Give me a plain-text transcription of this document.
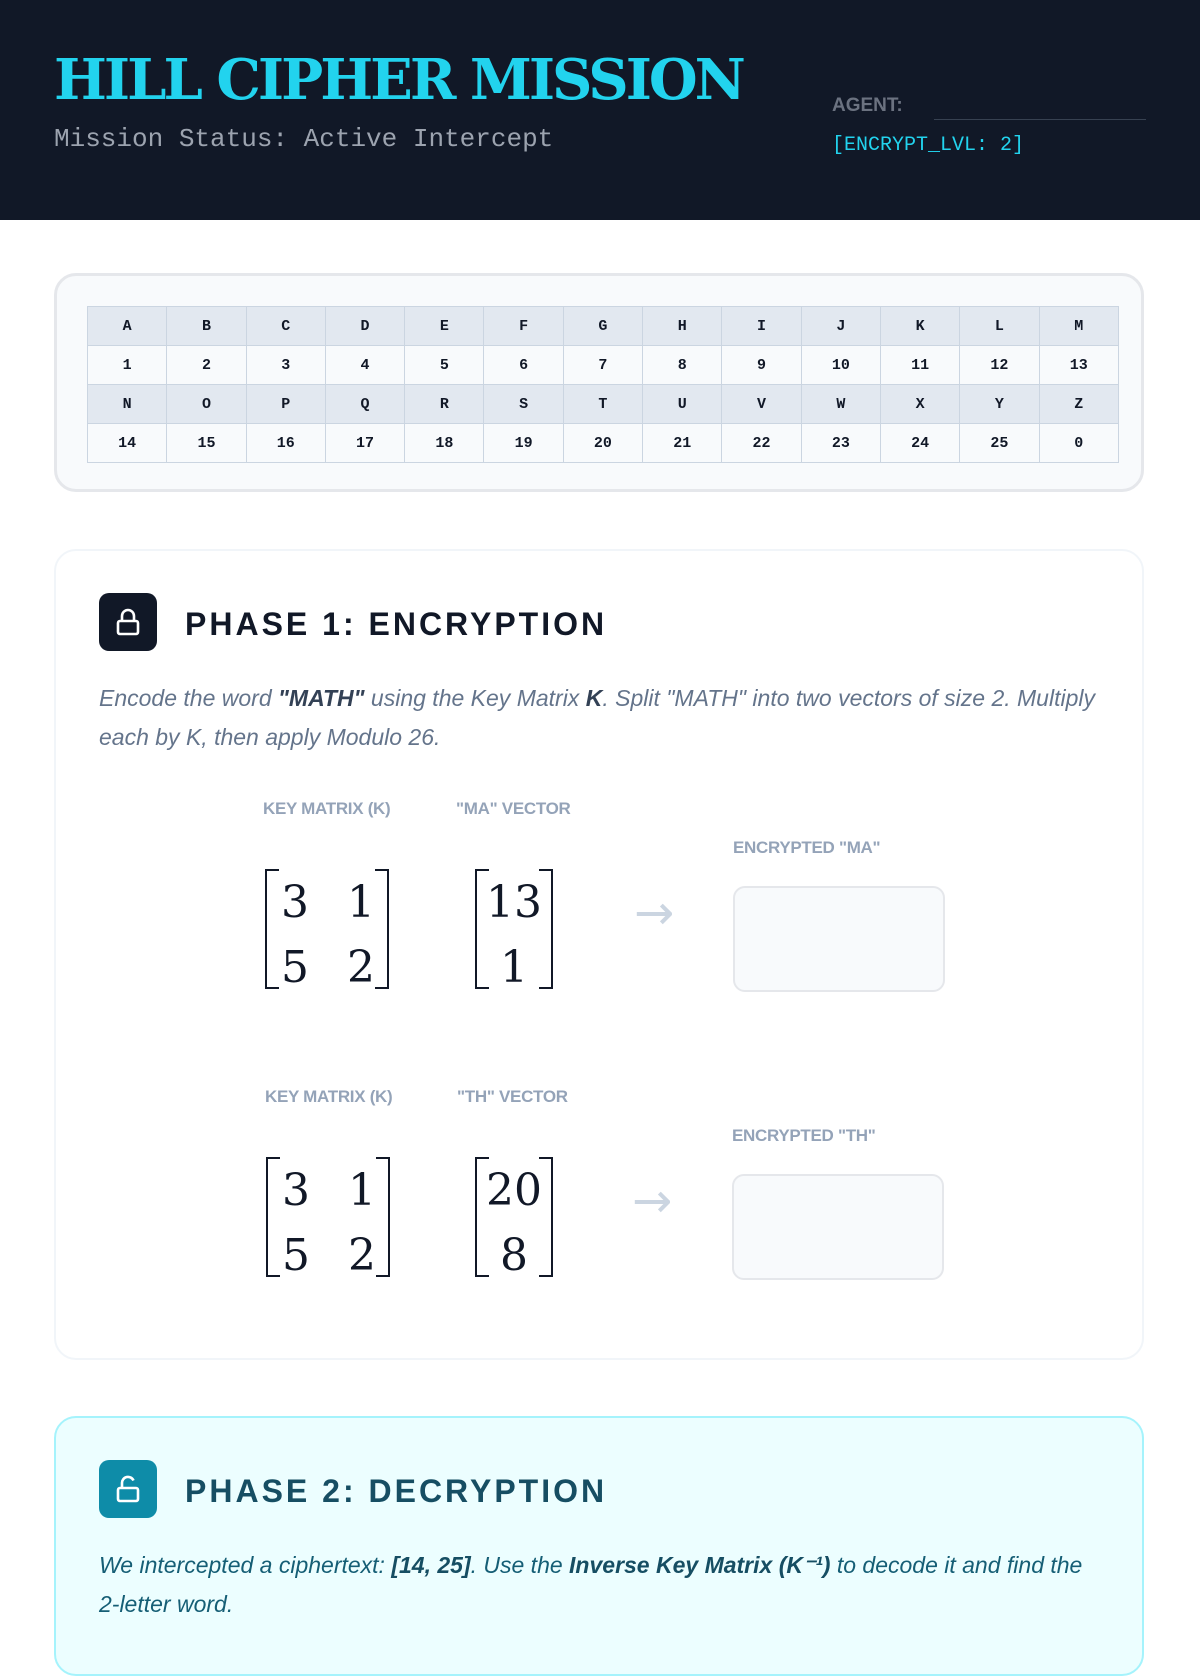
HILL CIPHER MISSION
Mission Status: Active Intercept
AGENT:
[ENCRYPT_LVL: 2]
A	B	C	D	E	F	G	H	I	J	K	L	M
1	2	3	4	5	6	7	8	9	10	11	12	13
N	O	P	Q	R	S	T	U	V	W	X	Y	Z
14	15	16	17	18	19	20	21	22	23	24	25	0
PHASE 1: ENCRYPTION
Encode the word "MATH" using the Key Matrix K. Split "MATH" into two vectors of size 2. Multiply each by K, then apply Modulo 26.
KEY MATRIX (K)	"MA" VECTOR
ENCRYPTED "MA"
3 1
5 2
13
1
→
KEY MATRIX (K)	"TH" VECTOR
ENCRYPTED "TH"
3 1
5 2
20
8
→
PHASE 2: DECRYPTION
We intercepted a ciphertext: [14, 25]. Use the Inverse Key Matrix (K⁻¹) to decode it and find the 2-letter word.
